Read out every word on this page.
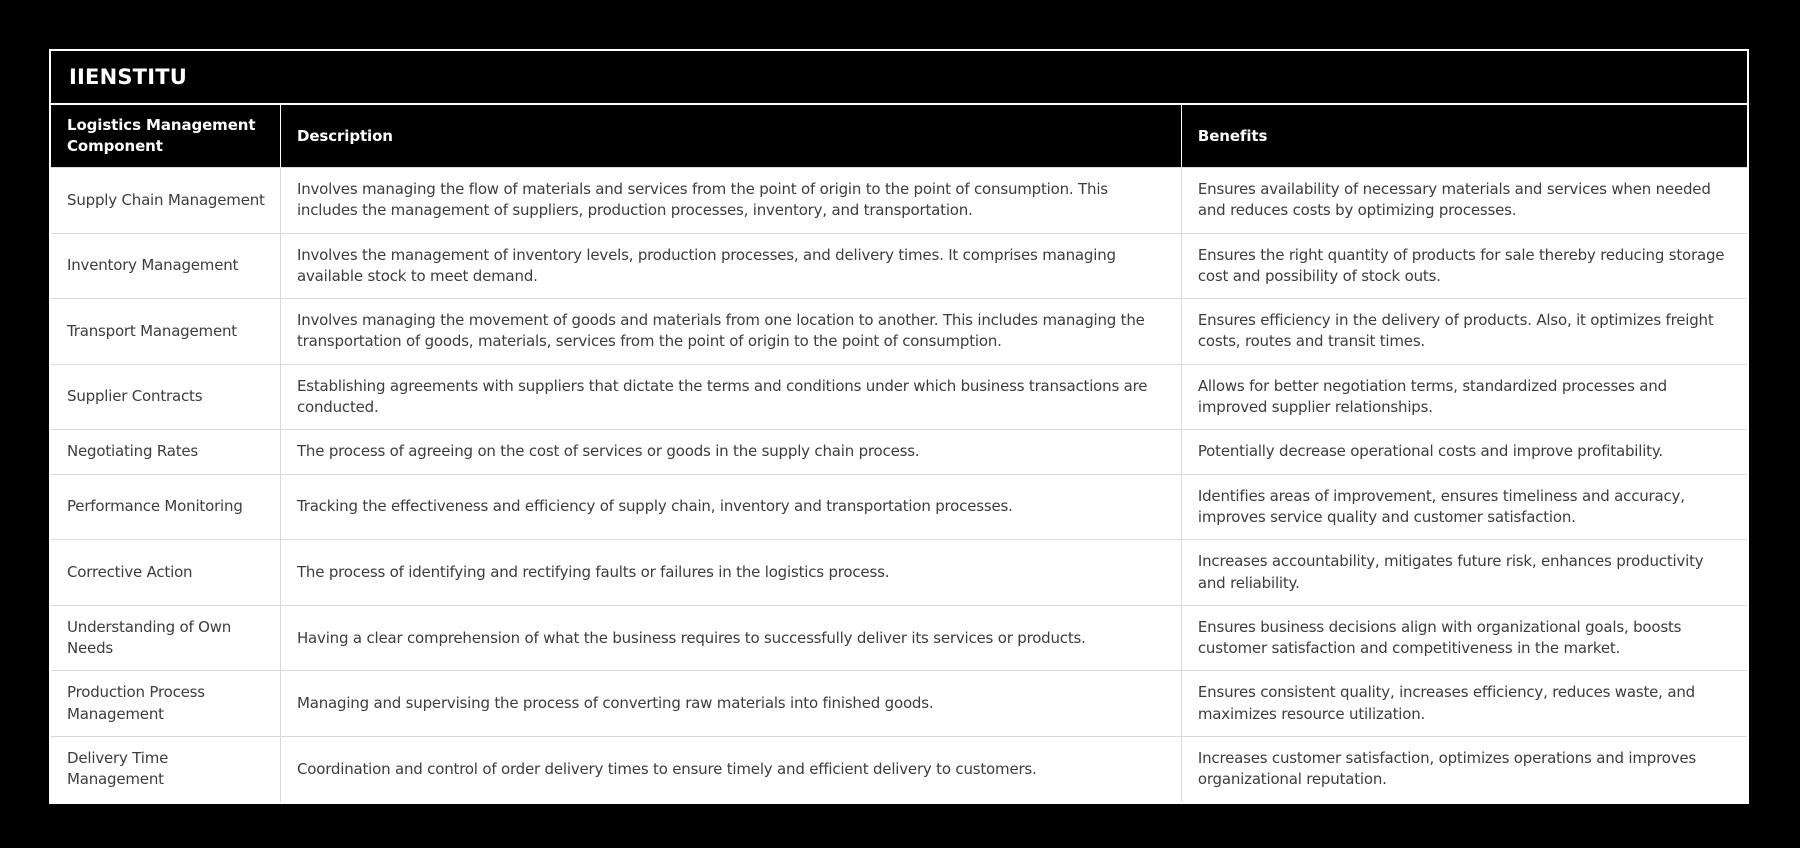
IIENSTITU
Logistics Management Component	Description	Benefits
Supply Chain Management	Involves managing the flow of materials and services from the point of origin to the point of consumption. This includes the management of suppliers, production processes, inventory, and transportation.	Ensures availability of necessary materials and services when needed and reduces costs by optimizing processes.
Inventory Management	Involves the management of inventory levels, production processes, and delivery times. It comprises managing available stock to meet demand.	Ensures the right quantity of products for sale thereby reducing storage cost and possibility of stock outs.
Transport Management	Involves managing the movement of goods and materials from one location to another. This includes managing the transportation of goods, materials, services from the point of origin to the point of consumption.	Ensures efficiency in the delivery of products. Also, it optimizes freight costs, routes and transit times.
Supplier Contracts	Establishing agreements with suppliers that dictate the terms and conditions under which business transactions are conducted.	Allows for better negotiation terms, standardized processes and improved supplier relationships.
Negotiating Rates	The process of agreeing on the cost of services or goods in the supply chain process.	Potentially decrease operational costs and improve profitability.
Performance Monitoring	Tracking the effectiveness and efficiency of supply chain, inventory and transportation processes.	Identifies areas of improvement, ensures timeliness and accuracy, improves service quality and customer satisfaction.
Corrective Action	The process of identifying and rectifying faults or failures in the logistics process.	Increases accountability, mitigates future risk, enhances productivity and reliability.
Understanding of Own Needs	Having a clear comprehension of what the business requires to successfully deliver its services or products.	Ensures business decisions align with organizational goals, boosts customer satisfaction and competitiveness in the market.
Production Process Management	Managing and supervising the process of converting raw materials into finished goods.	Ensures consistent quality, increases efficiency, reduces waste, and maximizes resource utilization.
Delivery Time Management	Coordination and control of order delivery times to ensure timely and efficient delivery to customers.	Increases customer satisfaction, optimizes operations and improves organizational reputation.
